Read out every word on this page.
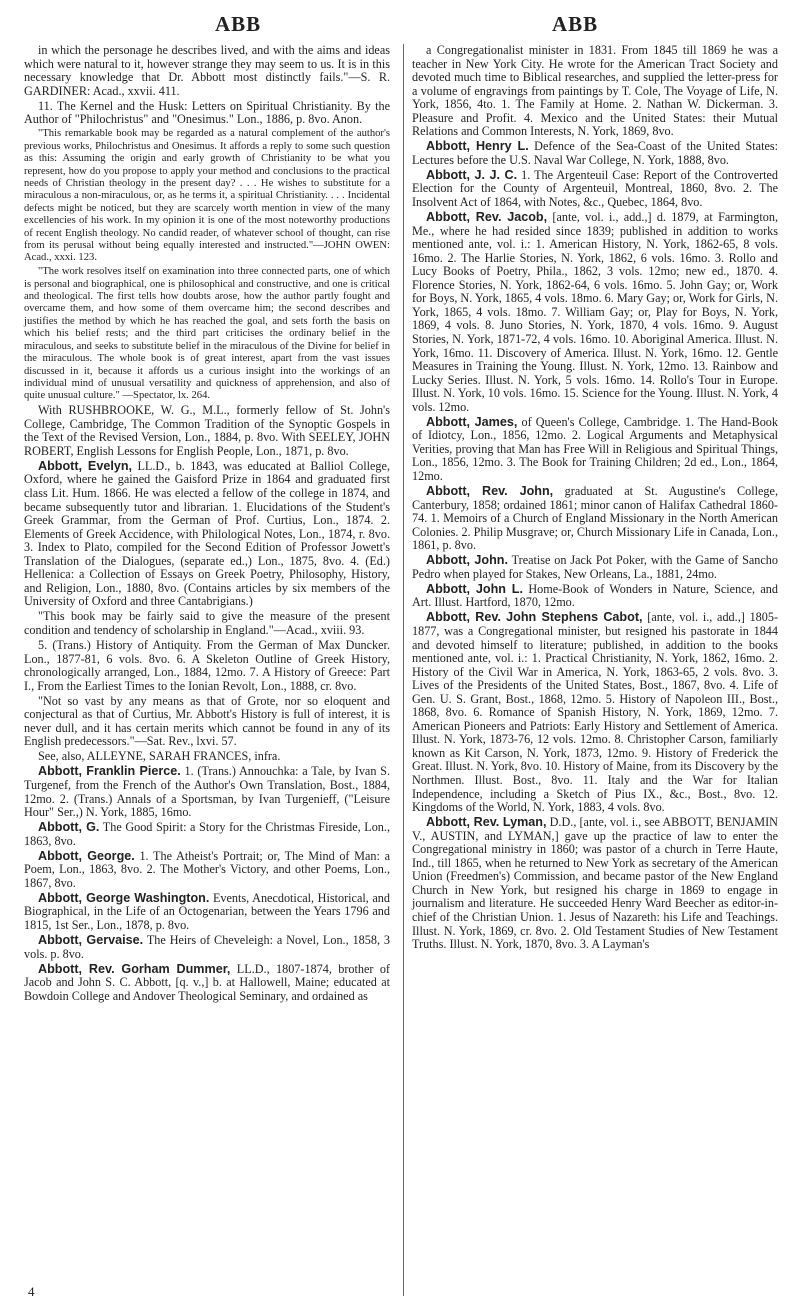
ABB	ABB

in which the personage he describes lived, and with the aims and ideas which were natural to it, however strange they may seem to us. It is in this necessary knowledge that Dr. Abbott most distinctly fails."—S. R. GARDINER: Acad., xxvii. 411.

11. The Kernel and the Husk: Letters on Spiritual Christianity. By the Author of "Philochristus" and "Onesimus." Lon., 1886, p. 8vo. Anon.

"This remarkable book may be regarded as a natural complement of the author's previous works, Philochristus and Onesimus. It affords a reply to some such question as this: Assuming the origin and early growth of Christianity to be what you represent, how do you propose to apply your method and conclusions to the practical needs of Christian theology in the present day? . . . He wishes to substitute for a miraculous a non-miraculous, or, as he terms it, a spiritual Christianity. . . . Incidental defects might be noticed, but they are scarcely worth mention in view of the many excellencies of his work. In my opinion it is one of the most noteworthy productions of recent English theology. No candid reader, of whatever school of thought, can rise from its perusal without being equally interested and instructed."—JOHN OWEN: Acad., xxxi. 123.

"The work resolves itself on examination into three connected parts, one of which is personal and biographical, one is philosophical and constructive, and one is critical and theological. The first tells how doubts arose, how the author partly fought and overcame them, and how some of them overcame him; the second describes and justifies the method by which he has reached the goal, and sets forth the basis on which his belief rests; and the third part criticises the ordinary belief in the miraculous, and seeks to substitute belief in the miraculous of the Divine for belief in the miraculous. The whole book is of great interest, apart from the vast issues discussed in it, because it affords us a curious insight into the workings of an individual mind of unusual versatility and quickness of apprehension, and also of quite unusual culture." —Spectator, lx. 264.

With RUSHBROOKE, W. G., M.L., formerly fellow of St. John's College, Cambridge, The Common Tradition of the Synoptic Gospels in the Text of the Revised Version, Lon., 1884, p. 8vo. With SEELEY, JOHN ROBERT, English Lessons for English People, Lon., 1871, p. 8vo.

Abbott, Evelyn, LL.D., b. 1843, was educated at Balliol College, Oxford, where he gained the Gaisford Prize in 1864 and graduated first class Lit. Hum. 1866. He was elected a fellow of the college in 1874, and became subsequently tutor and librarian. 1. Elucidations of the Student's Greek Grammar, from the German of Prof. Curtius, Lon., 1874. 2. Elements of Greek Accidence, with Philological Notes, Lon., 1874, r. 8vo. 3. Index to Plato, compiled for the Second Edition of Professor Jowett's Translation of the Dialogues, (separate ed.,) Lon., 1875, 8vo. 4. (Ed.) Hellenica: a Collection of Essays on Greek Poetry, Philosophy, History, and Religion, Lon., 1880, 8vo. (Contains articles by six members of the University of Oxford and three Cantabrigians.)

"This book may be fairly said to give the measure of the present condition and tendency of scholarship in England."—Acad., xviii. 93.

5. (Trans.) History of Antiquity. From the German of Max Duncker. Lon., 1877-81, 6 vols. 8vo. 6. A Skeleton Outline of Greek History, chronologically arranged, Lon., 1884, 12mo. 7. A History of Greece: Part I., From the Earliest Times to the Ionian Revolt, Lon., 1888, cr. 8vo.

"Not so vast by any means as that of Grote, nor so eloquent and conjectural as that of Curtius, Mr. Abbott's History is full of interest, it is never dull, and it has certain merits which cannot be found in any of its English predecessors."—Sat. Rev., lxvi. 57.

See, also, ALLEYNE, SARAH FRANCES, infra.

Abbott, Franklin Pierce. 1. (Trans.) Annouchka: a Tale, by Ivan S. Turgenef, from the French of the Author's Own Translation, Bost., 1884, 12mo. 2. (Trans.) Annals of a Sportsman, by Ivan Turgenieff, ("Leisure Hour" Ser.,) N. York, 1885, 16mo.

Abbott, G. The Good Spirit: a Story for the Christmas Fireside, Lon., 1863, 8vo.

Abbott, George. 1. The Atheist's Portrait; or, The Mind of Man: a Poem, Lon., 1863, 8vo. 2. The Mother's Victory, and other Poems, Lon., 1867, 8vo.

Abbott, George Washington. Events, Anecdotical, Historical, and Biographical, in the Life of an Octogenarian, between the Years 1796 and 1815, 1st Ser., Lon., 1878, p. 8vo.

Abbott, Gervaise. The Heirs of Cheveleigh: a Novel, Lon., 1858, 3 vols. p. 8vo.

Abbott, Rev. Gorham Dummer, LL.D., 1807-1874, brother of Jacob and John S. C. Abbott, [q. v.,] b. at Hallowell, Maine; educated at Bowdoin College and Andover Theological Seminary, and ordained as

a Congregationalist minister in 1831. From 1845 till 1869 he was a teacher in New York City. He wrote for the American Tract Society and devoted much time to Biblical researches, and supplied the letter-press for a volume of engravings from paintings by T. Cole, The Voyage of Life, N. York, 1856, 4to. 1. The Family at Home. 2. Nathan W. Dickerman. 3. Pleasure and Profit. 4. Mexico and the United States: their Mutual Relations and Common Interests, N. York, 1869, 8vo.

Abbott, Henry L. Defence of the Sea-Coast of the United States: Lectures before the U.S. Naval War College, N. York, 1888, 8vo.

Abbott, J. J. C. 1. The Argenteuil Case: Report of the Controverted Election for the County of Argenteuil, Montreal, 1860, 8vo. 2. The Insolvent Act of 1864, with Notes, &c., Quebec, 1864, 8vo.

Abbott, Rev. Jacob, [ante, vol. i., add.,] d. 1879, at Farmington, Me., where he had resided since 1839; published in addition to works mentioned ante, vol. i.: 1. American History, N. York, 1862-65, 8 vols. 16mo. 2. The Harlie Stories, N. York, 1862, 6 vols. 16mo. 3. Rollo and Lucy Books of Poetry, Phila., 1862, 3 vols. 12mo; new ed., 1870. 4. Florence Stories, N. York, 1862-64, 6 vols. 16mo. 5. John Gay; or, Work for Boys, N. York, 1865, 4 vols. 18mo. 6. Mary Gay; or, Work for Girls, N. York, 1865, 4 vols. 18mo. 7. William Gay; or, Play for Boys, N. York, 1869, 4 vols. 8. Juno Stories, N. York, 1870, 4 vols. 16mo. 9. August Stories, N. York, 1871-72, 4 vols. 16mo. 10. Aboriginal America. Illust. N. York, 16mo. 11. Discovery of America. Illust. N. York, 16mo. 12. Gentle Measures in Training the Young. Illust. N. York, 12mo. 13. Rainbow and Lucky Series. Illust. N. York, 5 vols. 16mo. 14. Rollo's Tour in Europe. Illust. N. York, 10 vols. 16mo. 15. Science for the Young. Illust. N. York, 4 vols. 12mo.

Abbott, James, of Queen's College, Cambridge. 1. The Hand-Book of Idiotcy, Lon., 1856, 12mo. 2. Logical Arguments and Metaphysical Verities, proving that Man has Free Will in Religious and Spiritual Things, Lon., 1856, 12mo. 3. The Book for Training Children; 2d ed., Lon., 1864, 12mo.

Abbott, Rev. John, graduated at St. Augustine's College, Canterbury, 1858; ordained 1861; minor canon of Halifax Cathedral 1860-74. 1. Memoirs of a Church of England Missionary in the North American Colonies. 2. Philip Musgrave; or, Church Missionary Life in Canada, Lon., 1861, p. 8vo.

Abbott, John. Treatise on Jack Pot Poker, with the Game of Sancho Pedro when played for Stakes, New Orleans, La., 1881, 24mo.

Abbott, John L. Home-Book of Wonders in Nature, Science, and Art. Illust. Hartford, 1870, 12mo.

Abbott, Rev. John Stephens Cabot, [ante, vol. i., add.,] 1805-1877, was a Congregational minister, but resigned his pastorate in 1844 and devoted himself to literature; published, in addition to the books mentioned ante, vol. i.: 1. Practical Christianity, N. York, 1862, 16mo. 2. History of the Civil War in America, N. York, 1863-65, 2 vols. 8vo. 3. Lives of the Presidents of the United States, Bost., 1867, 8vo. 4. Life of Gen. U. S. Grant, Bost., 1868, 12mo. 5. History of Napoleon III., Bost., 1868, 8vo. 6. Romance of Spanish History, N. York, 1869, 12mo. 7. American Pioneers and Patriots: Early History and Settlement of America. Illust. N. York, 1873-76, 12 vols. 12mo. 8. Christopher Carson, familiarly known as Kit Carson, N. York, 1873, 12mo. 9. History of Frederick the Great. Illust. N. York, 8vo. 10. History of Maine, from its Discovery by the Northmen. Illust. Bost., 8vo. 11. Italy and the War for Italian Independence, including a Sketch of Pius IX., &c., Bost., 8vo. 12. Kingdoms of the World, N. York, 1883, 4 vols. 8vo.

Abbott, Rev. Lyman, D.D., [ante, vol. i., see ABBOTT, BENJAMIN V., AUSTIN, and LYMAN,] gave up the practice of law to enter the Congregational ministry in 1860; was pastor of a church in Terre Haute, Ind., till 1865, when he returned to New York as secretary of the American Union (Freedmen's) Commission, and became pastor of the New England Church in New York, but resigned his charge in 1869 to engage in journalism and literature. He succeeded Henry Ward Beecher as editor-in-chief of the Christian Union. 1. Jesus of Nazareth: his Life and Teachings. Illust. N. York, 1869, cr. 8vo. 2. Old Testament Studies of New Testament Truths. Illust. N. York, 1870, 8vo. 3. A Layman's

4
